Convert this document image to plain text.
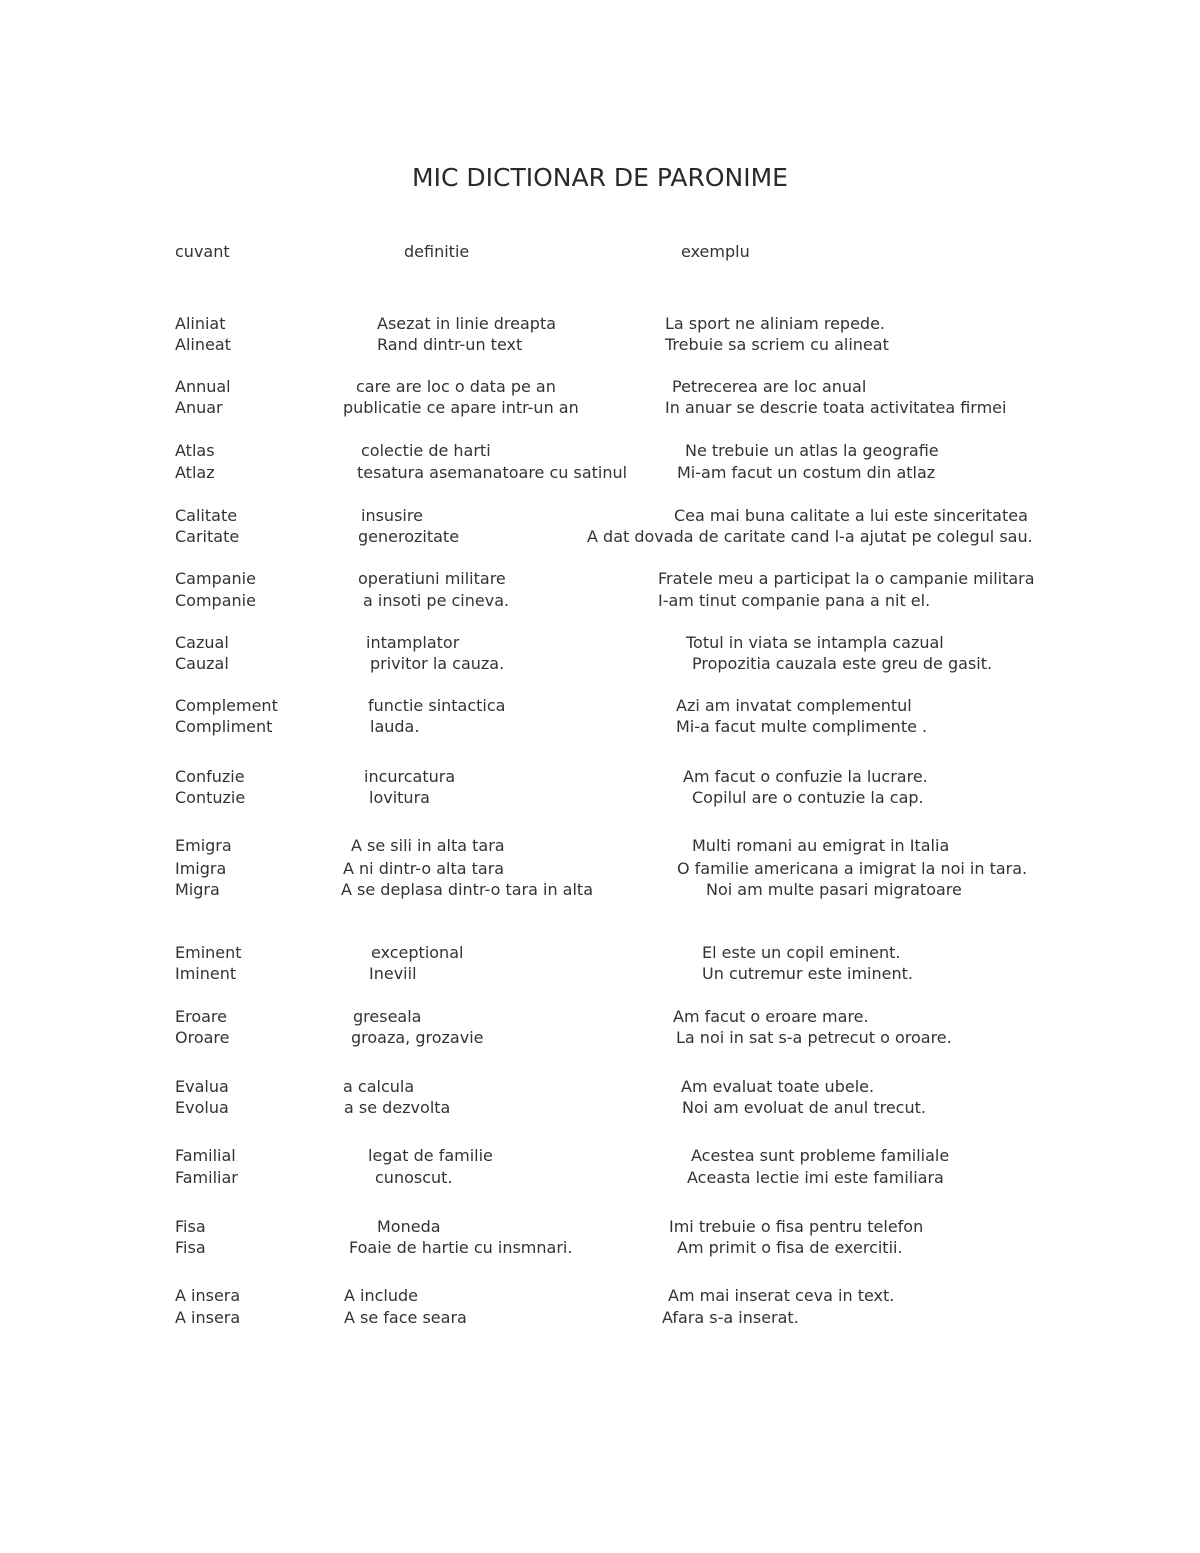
MIC DICTIONAR DE PARONIME
cuvant	definitie	exemplu
Aliniat	Asezat in linie dreapta	La sport ne aliniam repede.
Alineat	Rand dintr-un text	Trebuie sa scriem cu alineat
Annual	care are loc o data pe an	Petrecerea are loc anual
Anuar	publicatie ce apare intr-un an	In anuar se descrie toata activitatea firmei
Atlas	colectie de harti	Ne trebuie un atlas la geografie
Atlaz	tesatura asemanatoare cu satinul	Mi-am facut un costum din atlaz
Calitate	insusire	Cea mai buna calitate a lui este sinceritatea
Caritate	generozitate	A dat dovada de caritate cand l-a ajutat pe colegul sau.
Campanie	operatiuni militare	Fratele meu a participat la o campanie militara
Companie	a insoti pe cineva.	I-am tinut companie pana a nit el.
Cazual	intamplator	Totul in viata se intampla cazual
Cauzal	privitor la cauza.	Propozitia cauzala este greu de gasit.
Complement	functie sintactica	Azi am invatat complementul
Compliment	lauda.	Mi-a facut multe complimente .
Confuzie	incurcatura	Am facut o confuzie la lucrare.
Contuzie	lovitura	Copilul are o contuzie la cap.
Emigra	A se sili in alta tara	Multi romani au emigrat in Italia
Imigra	A ni dintr-o alta tara	O familie americana a imigrat la noi in tara.
Migra	A se deplasa dintr-o tara in alta	Noi am multe pasari migratoare
Eminent	exceptional	El este un copil eminent.
Iminent	Ineviil	Un cutremur este iminent.
Eroare	greseala	Am facut o eroare mare.
Oroare	groaza, grozavie	La noi in sat s-a petrecut o oroare.
Evalua	a calcula	Am evaluat toate ubele.
Evolua	a se dezvolta	Noi am evoluat de anul trecut.
Familial	legat de familie	Acestea sunt probleme familiale
Familiar	cunoscut.	Aceasta lectie imi este familiara
Fisa	Moneda	Imi trebuie o fisa pentru telefon
Fisa	Foaie de hartie cu insmnari.	Am primit o fisa de exercitii.
A insera	A include	Am mai inserat ceva in text.
A insera	A se face seara	Afara s-a inserat.
